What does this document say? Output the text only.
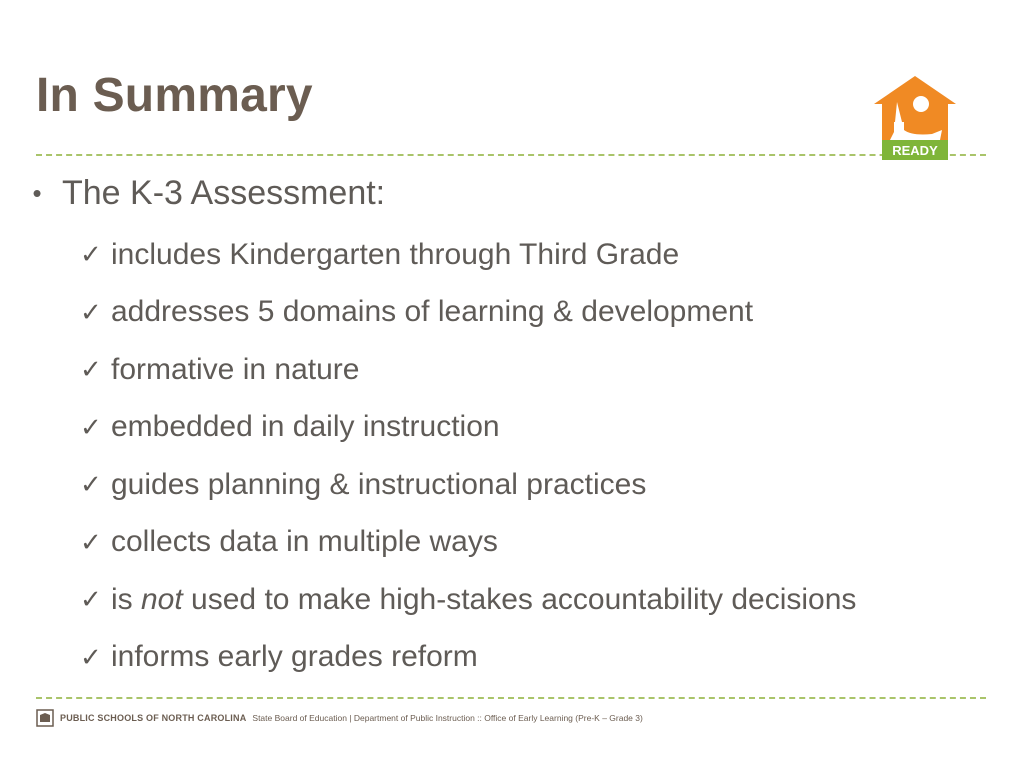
In Summary
READY
• The K-3 Assessment:
✓ includes Kindergarten through Third Grade
✓ addresses 5 domains of learning & development
✓ formative in nature
✓ embedded in daily instruction
✓ guides planning & instructional practices
✓ collects data in multiple ways
✓ is not used to make high-stakes accountability decisions
✓ informs early grades reform
PUBLIC SCHOOLS OF NORTH CAROLINA State Board of Education | Department of Public Instruction :: Office of Early Learning (Pre-K – Grade 3)
